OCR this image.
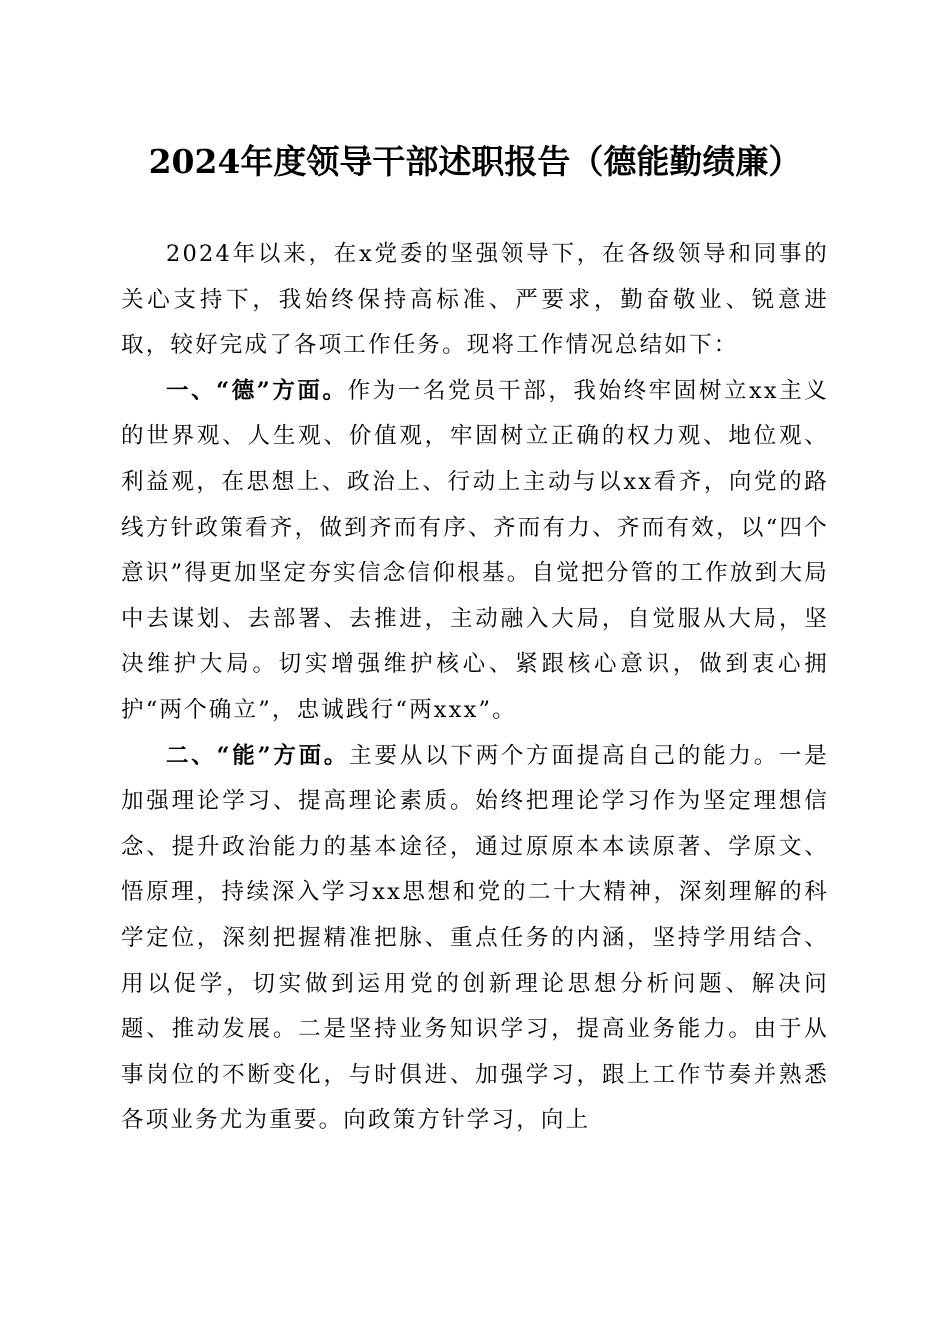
2024年度领导干部述职报告（德能勤绩廉）

2024年以来，在x党委的坚强领导下，在各级领导和同事的关心支持下，我始终保持高标准、严要求，勤奋敬业、锐意进取，较好完成了各项工作任务。现将工作情况总结如下：

一、“德”方面。作为一名党员干部，我始终牢固树立xx主义的世界观、人生观、价值观，牢固树立正确的权力观、地位观、利益观，在思想上、政治上、行动上主动与以xx看齐，向党的路线方针政策看齐，做到齐而有序、齐而有力、齐而有效，以“四个意识”得更加坚定夯实信念信仰根基。自觉把分管的工作放到大局中去谋划、去部署、去推进，主动融入大局，自觉服从大局，坚决维护大局。切实增强维护核心、紧跟核心意识，做到衷心拥护“两个确立”，忠诚践行“两xxx”。

二、“能”方面。主要从以下两个方面提高自己的能力。一是加强理论学习、提高理论素质。始终把理论学习作为坚定理想信念、提升政治能力的基本途径，通过原原本本读原著、学原文、悟原理，持续深入学习xx思想和党的二十大精神，深刻理解的科学定位，深刻把握精准把脉、重点任务的内涵，坚持学用结合、用以促学，切实做到运用党的创新理论思想分析问题、解决问题、推动发展。二是坚持业务知识学习，提高业务能力。由于从事岗位的不断变化，与时俱进、加强学习，跟上工作节奏并熟悉各项业务尤为重要。向政策方针学习，向上
